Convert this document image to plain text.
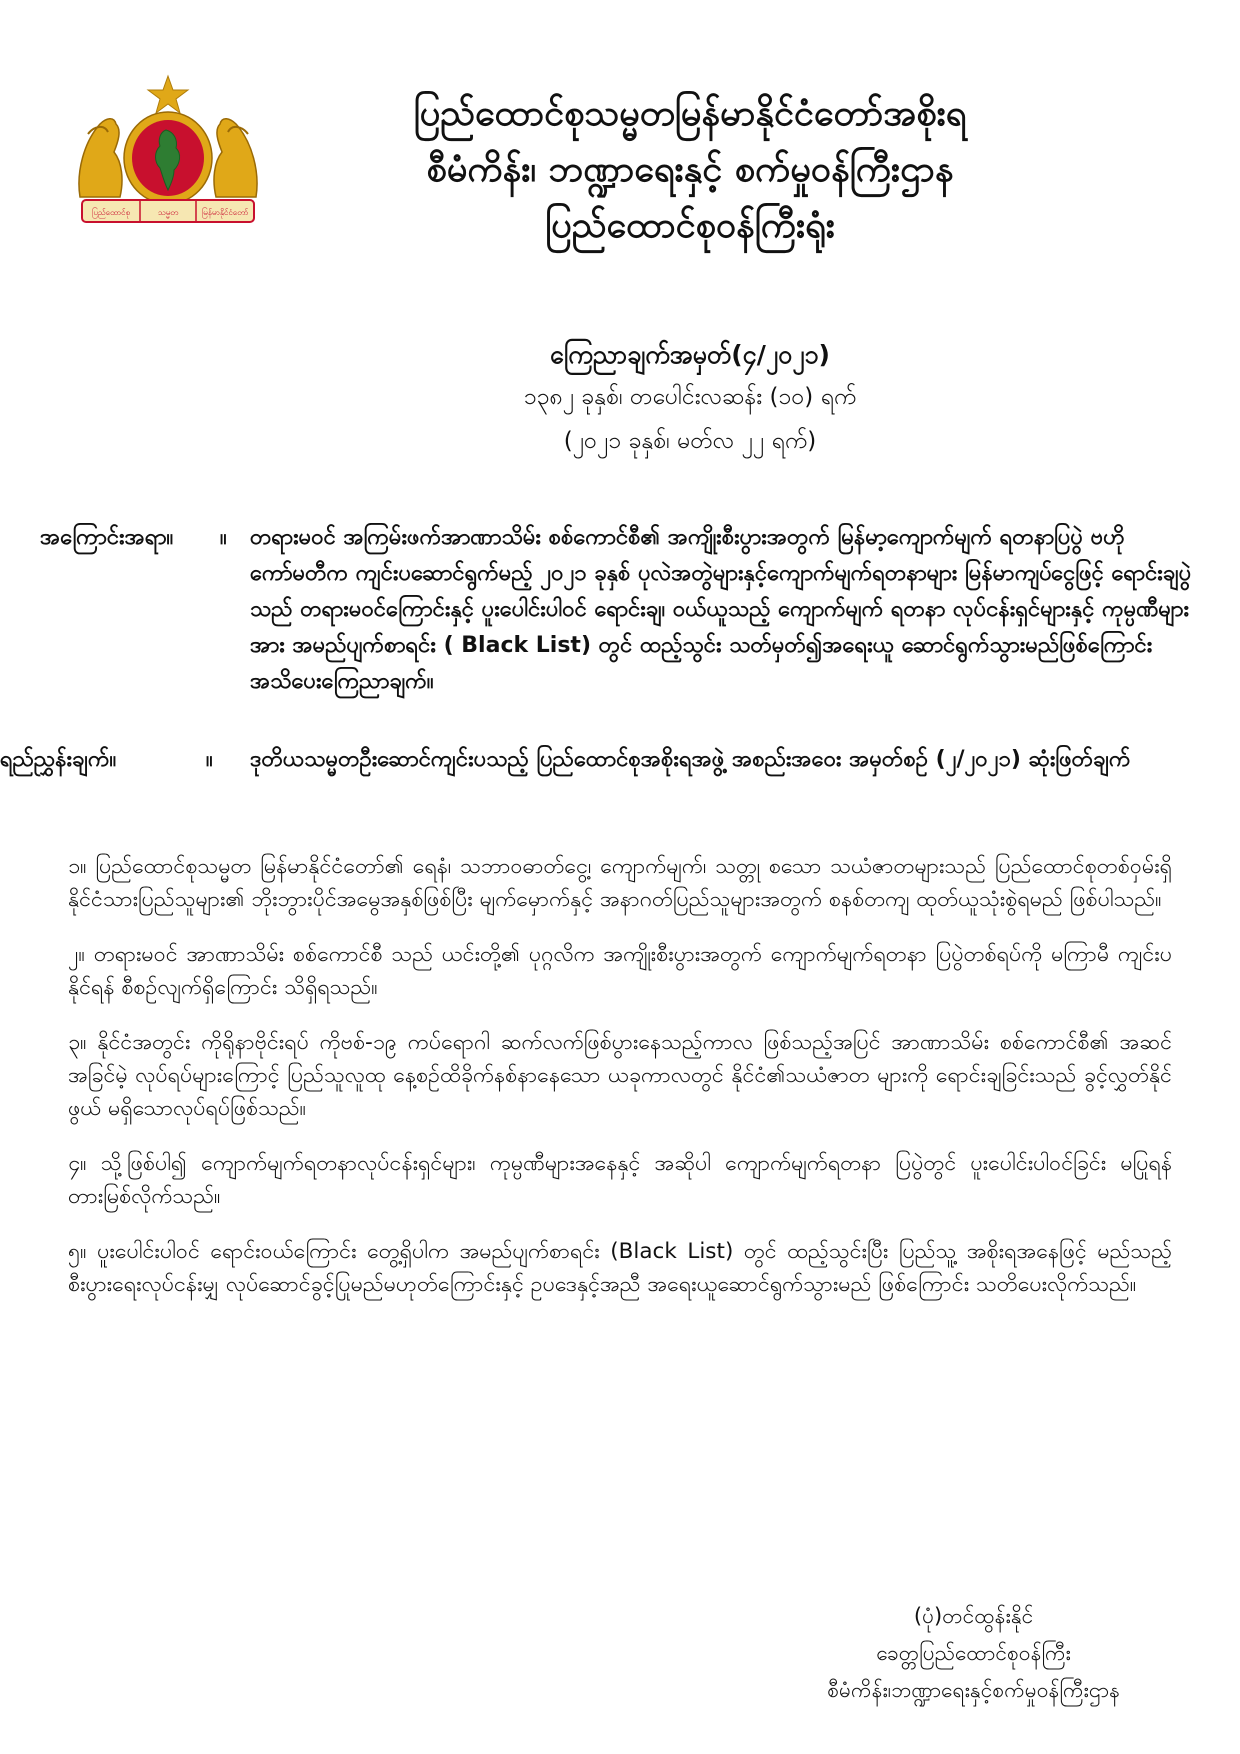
ပြည်ထောင်စု	သမ္မတ	မြန်မာနိုင်ငံတော်
ပြည်ထောင်စုသမ္မတမြန်မာနိုင်ငံတော်အစိုးရ
စီမံကိန်း၊ ဘဏ္ဍာရေးနှင့် စက်မှုဝန်ကြီးဌာန
ပြည်ထောင်စုဝန်ကြီးရုံး
ကြေညာချက်အမှတ်(၄/၂၀၂၁)
၁၃၈၂ ခုနှစ်၊ တပေါင်းလဆန်း (၁၀) ရက်
(၂၀၂၁ ခုနှစ်၊ မတ်လ ၂၂ ရက်)
အကြောင်းအရာ။ ။ တရားမဝင် အကြမ်းဖက်အာဏာသိမ်း စစ်ကောင်စီ၏ အကျိုးစီးပွားအတွက် မြန်မာ့ကျောက်မျက် ရတနာပြပွဲ ဗဟိုကော်မတီက ကျင်းပဆောင်ရွက်မည့် ၂၀၂၁ ခုနှစ် ပုလဲအတွဲများနှင့်ကျောက်မျက်ရတနာများ မြန်မာကျပ်ငွေဖြင့် ရောင်းချပွဲသည် တရားမဝင်ကြောင်းနှင့် ပူးပေါင်းပါဝင် ရောင်းချ၊ ဝယ်ယူသည့် ကျောက်မျက် ရတနာ လုပ်ငန်းရှင်များနှင့် ကုမ္ပဏီများအား အမည်ပျက်စာရင်း ( Black List) တွင် ထည့်သွင်း သတ်မှတ်၍အရေးယူ ဆောင်ရွက်သွားမည်ဖြစ်ကြောင်း အသိပေးကြေညာချက်။
ရည်ညွှန်းချက်။	။ ဒုတိယသမ္မတဦးဆောင်ကျင်းပသည့် ပြည်ထောင်စုအစိုးရအဖွဲ့ အစည်းအဝေး အမှတ်စဉ် (၂/၂၀၂၁) ဆုံးဖြတ်ချက်

၁။ ပြည်ထောင်စုသမ္မတ မြန်မာနိုင်ငံတော်၏ ရေနံ၊ သဘာဝဓာတ်ငွေ့၊ ကျောက်မျက်၊ သတ္တု စသော သယံဇာတများသည် ပြည်ထောင်စုတစ်ဝှမ်းရှိ နိုင်ငံသားပြည်သူများ၏ ဘိုးဘွားပိုင်အမွေအနှစ်ဖြစ်ပြီး မျက်မှောက်နှင့် အနာဂတ်ပြည်သူများအတွက် စနစ်တကျ ထုတ်ယူသုံးစွဲရမည် ဖြစ်ပါသည်။

၂။ တရားမဝင် အာဏာသိမ်း စစ်ကောင်စီ သည် ယင်းတို့၏ ပုဂ္ဂလိက အကျိုးစီးပွားအတွက် ကျောက်မျက်ရတနာ ပြပွဲတစ်ရပ်ကို မကြာမီ ကျင်းပနိုင်ရန် စီစဉ်လျက်ရှိကြောင်း သိရှိရသည်။

၃။ နိုင်ငံအတွင်း ကိုရိုနာဗိုင်းရပ် ကိုဗစ်-၁၉ ကပ်ရောဂါ ဆက်လက်ဖြစ်ပွားနေသည့်ကာလ ဖြစ်သည့်အပြင် အာဏာသိမ်း စစ်ကောင်စီ၏ အဆင်အခြင်မဲ့ လုပ်ရပ်များကြောင့် ပြည်သူလူထု နေ့စဉ်ထိခိုက်နစ်နာနေသော ယခုကာလတွင် နိုင်ငံ၏သယံဇာတ များကို ရောင်းချခြင်းသည် ခွင့်လွှတ်နိုင်ဖွယ် မရှိသောလုပ်ရပ်ဖြစ်သည်။

၄။ သို့ဖြစ်ပါ၍ ကျောက်မျက်ရတနာလုပ်ငန်းရှင်များ၊ ကုမ္ပဏီများအနေနှင့် အဆိုပါ ကျောက်မျက်ရတနာ ပြပွဲတွင် ပူးပေါင်းပါဝင်ခြင်း မပြုရန် တားမြစ်လိုက်သည်။

၅။ ပူးပေါင်းပါဝင် ရောင်းဝယ်ကြောင်း တွေ့ရှိပါက အမည်ပျက်စာရင်း (Black List) တွင် ထည့်သွင်းပြီး ပြည်သူ့ အစိုးရအနေဖြင့် မည်သည့်စီးပွားရေးလုပ်ငန်းမျှ လုပ်ဆောင်ခွင့်ပြုမည်မဟုတ်ကြောင်းနှင့် ဥပဒေနှင့်အညီ အရေးယူဆောင်ရွက်သွားမည် ဖြစ်ကြောင်း သတိပေးလိုက်သည်။

(ပုံ)တင်ထွန်းနိုင်
ခေတ္တပြည်ထောင်စုဝန်ကြီး
စီမံကိန်း၊ဘဏ္ဍာရေးနှင့်စက်မှုဝန်ကြီးဌာန
